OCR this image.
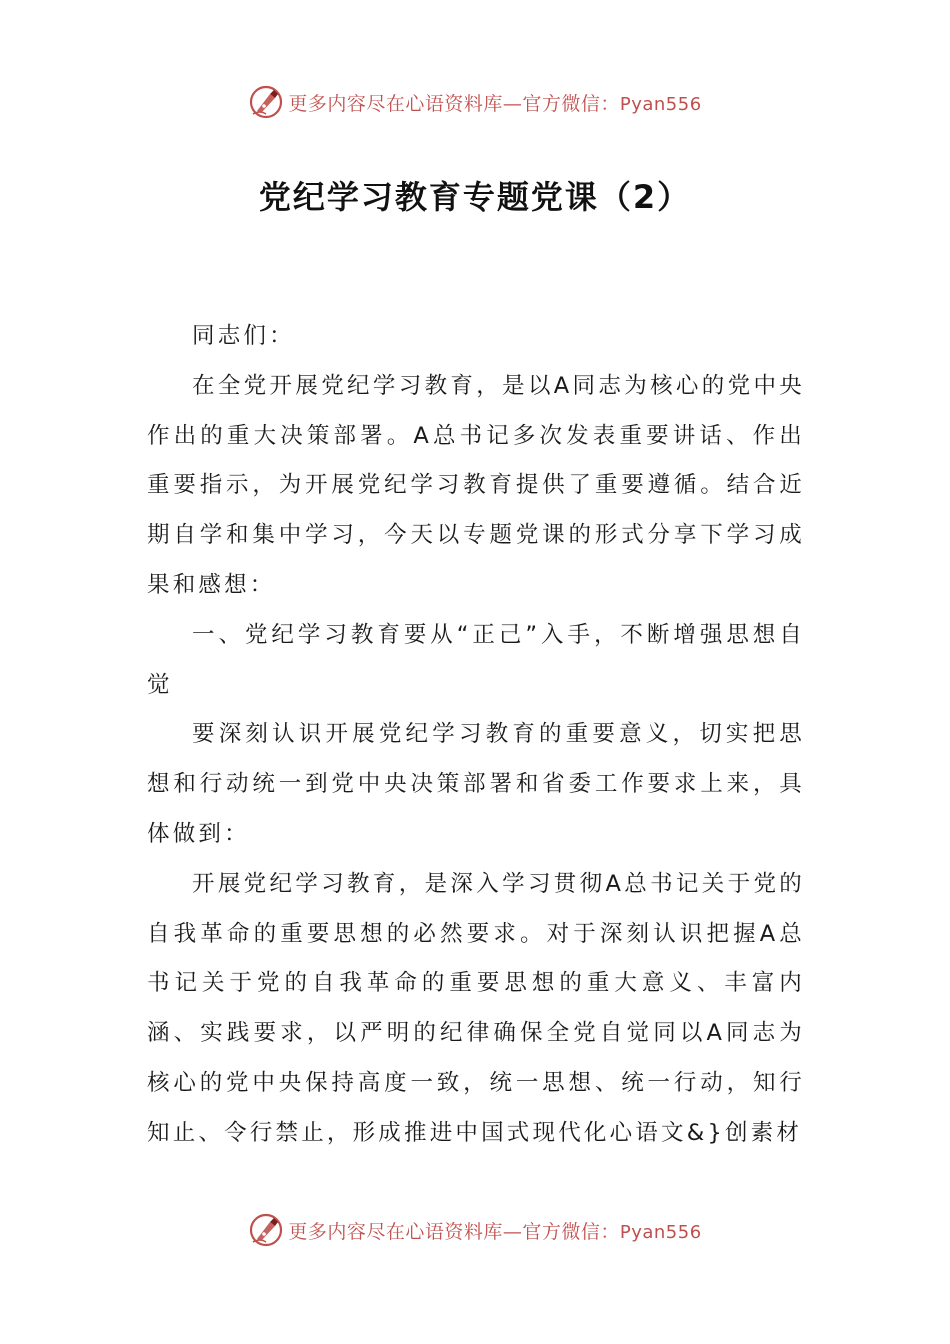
更多内容尽在心语资料库—官方微信：Pyan556
党纪学习教育专题党课（2）

同志们：

在全党开展党纪学习教育，是以A同志为核心的党中央作出的重大决策部署。A总书记多次发表重要讲话、作出重要指示，为开展党纪学习教育提供了重要遵循。结合近期自学和集中学习，今天以专题党课的形式分享下学习成果和感想：

一、党纪学习教育要从“正己”入手，不断增强思想自觉

要深刻认识开展党纪学习教育的重要意义，切实把思想和行动统一到党中央决策部署和省委工作要求上来，具体做到：

开展党纪学习教育，是深入学习贯彻A总书记关于党的自我革命的重要思想的必然要求。对于深刻认识把握A总书记关于党的自我革命的重要思想的重大意义、丰富内涵、实践要求，以严明的纪律确保全党自觉同以A同志为核心的党中央保持高度一致，统一思想、统一行动，知行知止、令行禁止，形成推进中国式现代化心语文&}创素材

更多内容尽在心语资料库—官方微信：Pyan556
